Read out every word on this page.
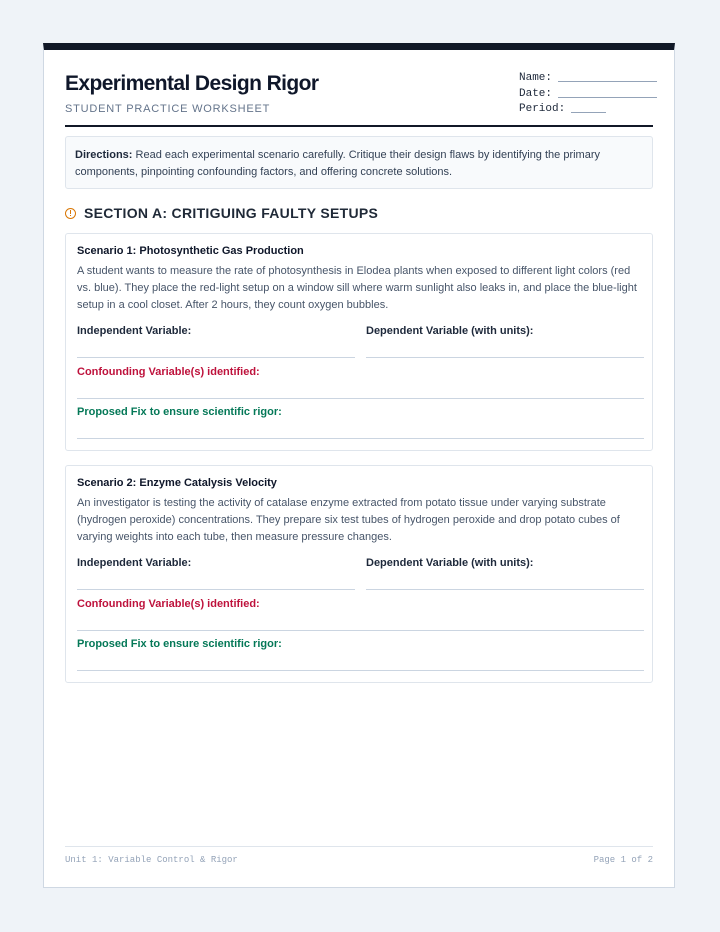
Experimental Design Rigor
STUDENT PRACTICE WORKSHEET
Name:
Date:
Period:
Directions: Read each experimental scenario carefully. Critique their design flaws by identifying the primary components, pinpointing confounding factors, and offering concrete solutions.
SECTION A: CRITIGUING FAULTY SETUPS
Scenario 1: Photosynthetic Gas Production
A student wants to measure the rate of photosynthesis in Elodea plants when exposed to different light colors (red vs. blue). They place the red-light setup on a window sill where warm sunlight also leaks in, and place the blue-light setup in a cool closet. After 2 hours, they count oxygen bubbles.
Independent Variable:	Dependent Variable (with units):
Confounding Variable(s) identified:
Proposed Fix to ensure scientific rigor:
Scenario 2: Enzyme Catalysis Velocity
An investigator is testing the activity of catalase enzyme extracted from potato tissue under varying substrate (hydrogen peroxide) concentrations. They prepare six test tubes of hydrogen peroxide and drop potato cubes of varying weights into each tube, then measure pressure changes.
Independent Variable:	Dependent Variable (with units):
Confounding Variable(s) identified:
Proposed Fix to ensure scientific rigor:
Unit 1: Variable Control & Rigor	Page 1 of 2
